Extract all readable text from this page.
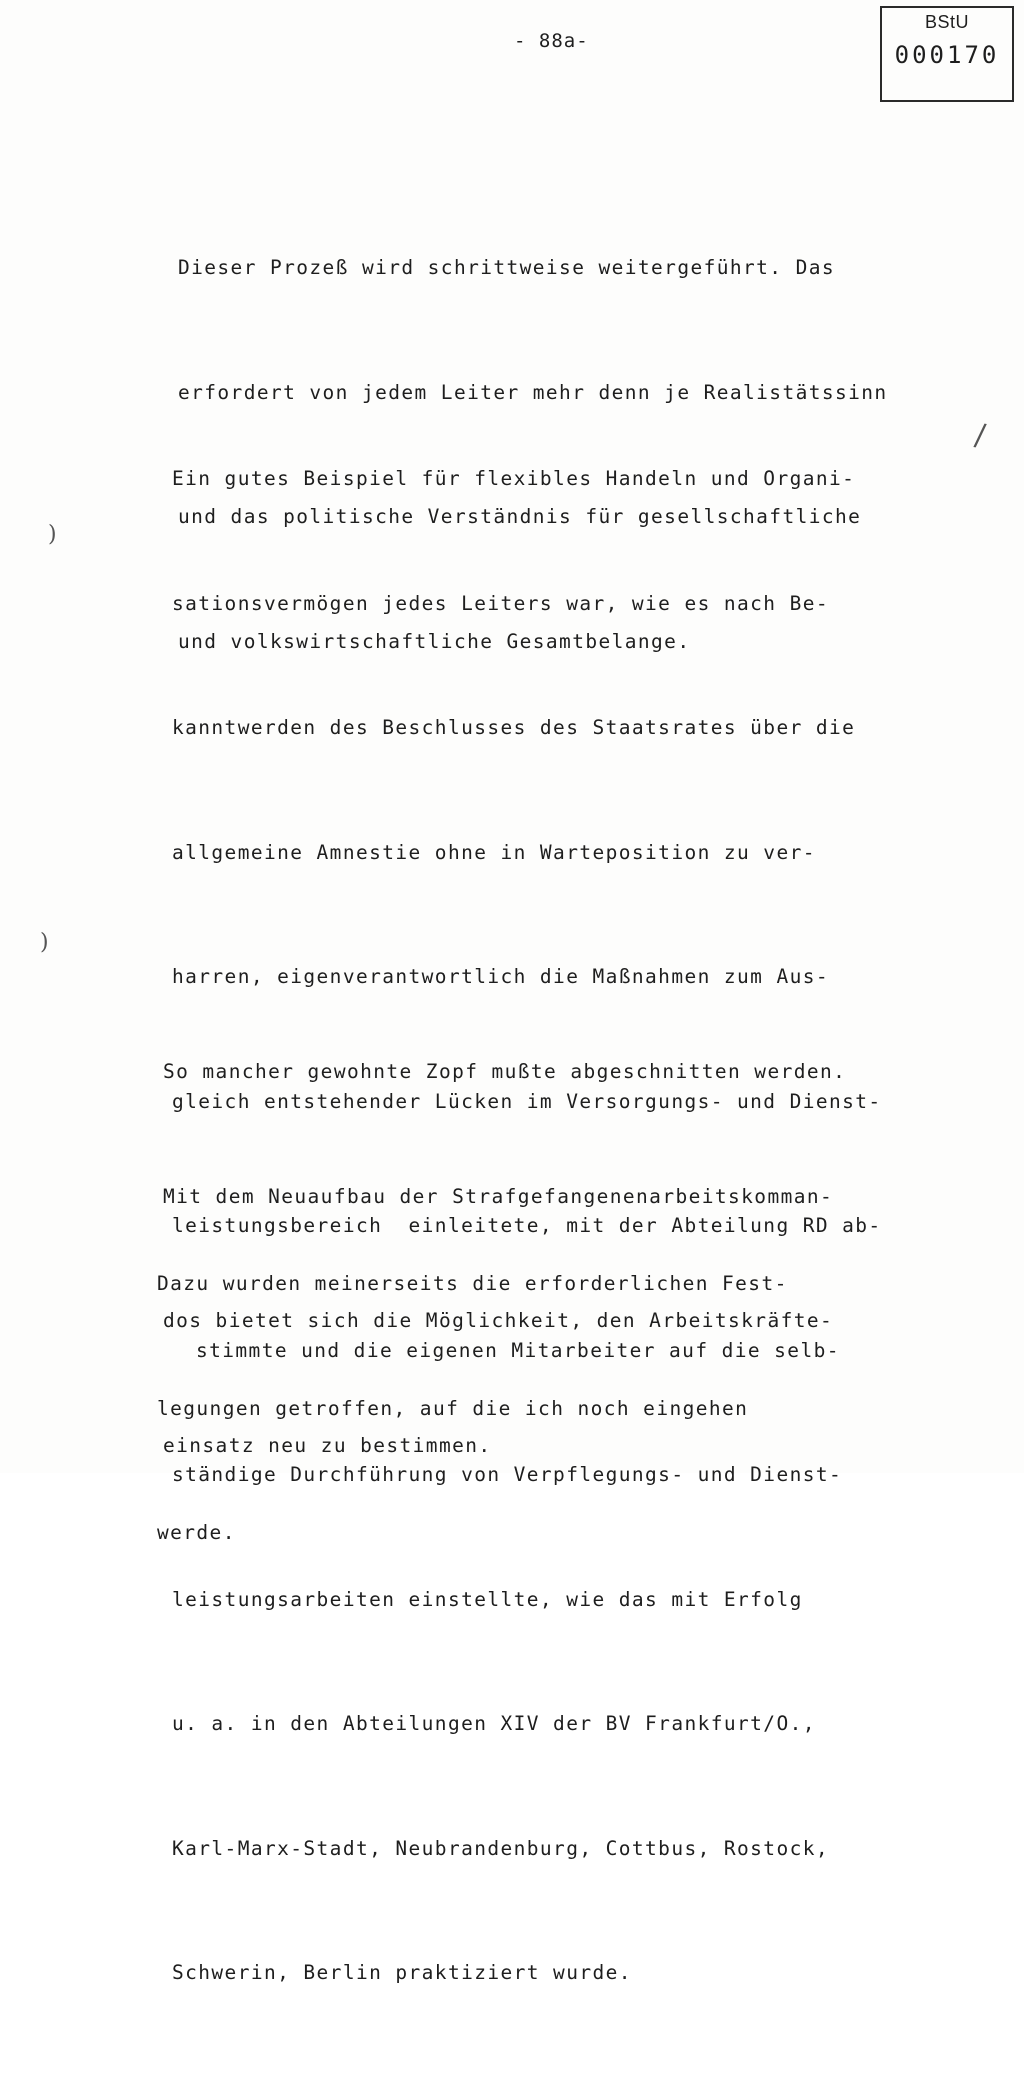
- 88a-
BStU
000170
/
)
)

Dieser Prozeß wird schrittweise weitergeführt. Das

erfordert von jedem Leiter mehr denn je Realistätssinn

und das politische Verständnis für gesellschaftliche

und volkswirtschaftliche Gesamtbelange.

Ein gutes Beispiel für flexibles Handeln und Organi-

sationsvermögen jedes Leiters war, wie es nach Be-

kanntwerden des Beschlusses des Staatsrates über die

allgemeine Amnestie ohne in Warteposition zu ver-

harren, eigenverantwortlich die Maßnahmen zum Aus-

gleich entstehender Lücken im Versorgungs- und Dienst-

leistungsbereich  einleitete, mit der Abteilung RD ab-

stimmte und die eigenen Mitarbeiter auf die selb-

ständige Durchführung von Verpflegungs- und Dienst-

leistungsarbeiten einstellte, wie das mit Erfolg

u. a. in den Abteilungen XIV der BV Frankfurt/O.,

Karl-Marx-Stadt, Neubrandenburg, Cottbus, Rostock,

Schwerin, Berlin praktiziert wurde.

So mancher gewohnte Zopf mußte abgeschnitten werden.

Mit dem Neuaufbau der Strafgefangenenarbeitskomman-

dos bietet sich die Möglichkeit, den Arbeitskräfte-

einsatz neu zu bestimmen.

Dazu wurden meinerseits die erforderlichen Fest-

legungen getroffen, auf die ich noch eingehen

werde.
